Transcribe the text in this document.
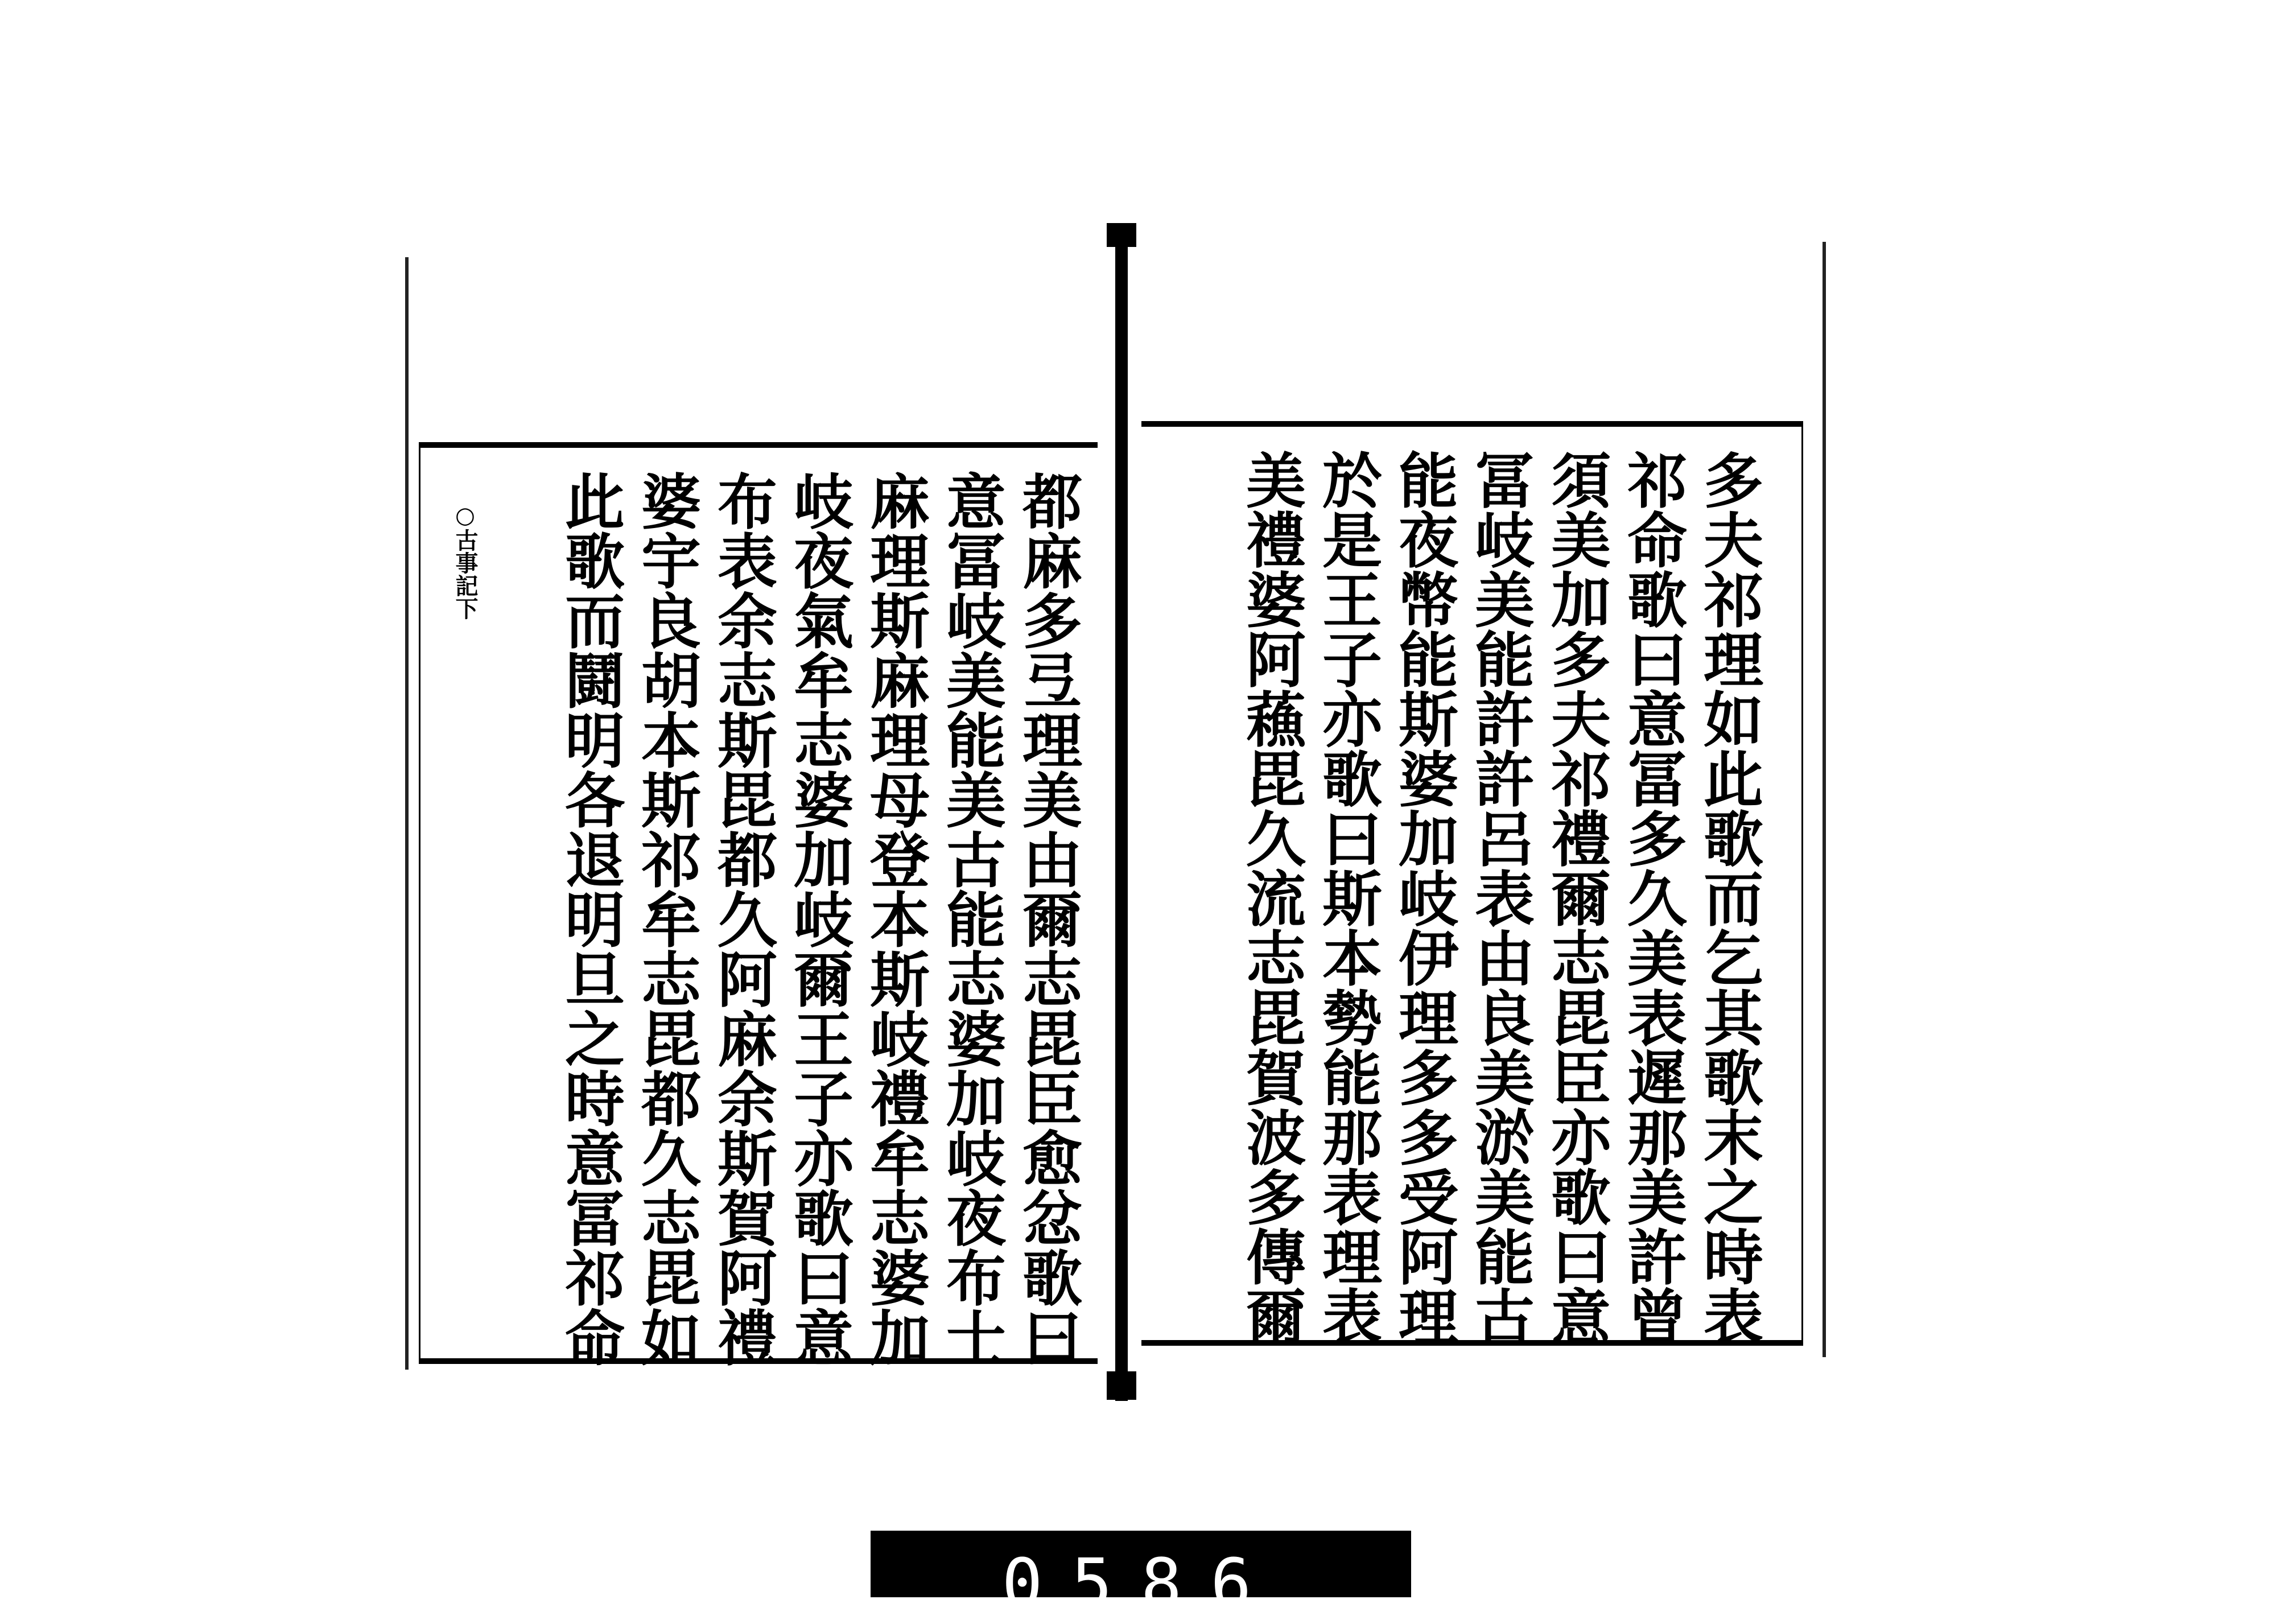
○古事記下	都麻多弖理美由爾志毘臣愈忿歌曰
意冨岐美能美古能志婆加岐夜布士
麻理斯麻理母登本斯岐禮牟志婆加
岐夜氣牟志婆加岐爾王子亦歌曰意
布表余志斯毘都久阿麻余斯賀阿禮
婆宇良胡本斯祁牟志毘都久志毘如
此歌而鬪明各退明旦之時意冨祁命	多夫祁理如此歌而乞其歌末之時表
祁命歌曰意冨多久美表遲那美許曾
須美加多夫祁禮爾志毘臣亦歌曰意
冨岐美能許許呂表由良美淤美能古
能夜幣能斯婆加岐伊理多多受阿理
於是王子亦歌曰斯本勢能那表理表
美禮婆阿蘓毘久流志毘賀波多傳爾
0586
